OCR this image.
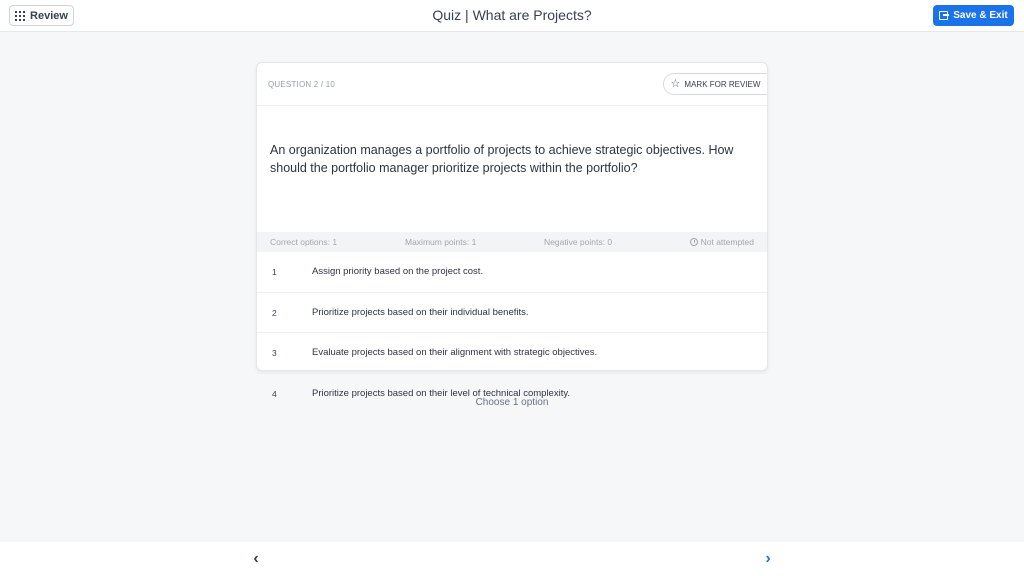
Review	Quiz | What are Projects?	Save & Exit
QUESTION 2 / 10	☆ MARK FOR REVIEW
An organization manages a portfolio of projects to achieve strategic objectives. How should the portfolio manager prioritize projects within the portfolio?
Correct options: 1	Maximum points: 1	Negative points: 0	Not attempted
1	Assign priority based on the project cost.
2	Prioritize projects based on their individual benefits.
3	Evaluate projects based on their alignment with strategic objectives.
4	Prioritize projects based on their level of technical complexity.
Choose 1 option
‹	›
